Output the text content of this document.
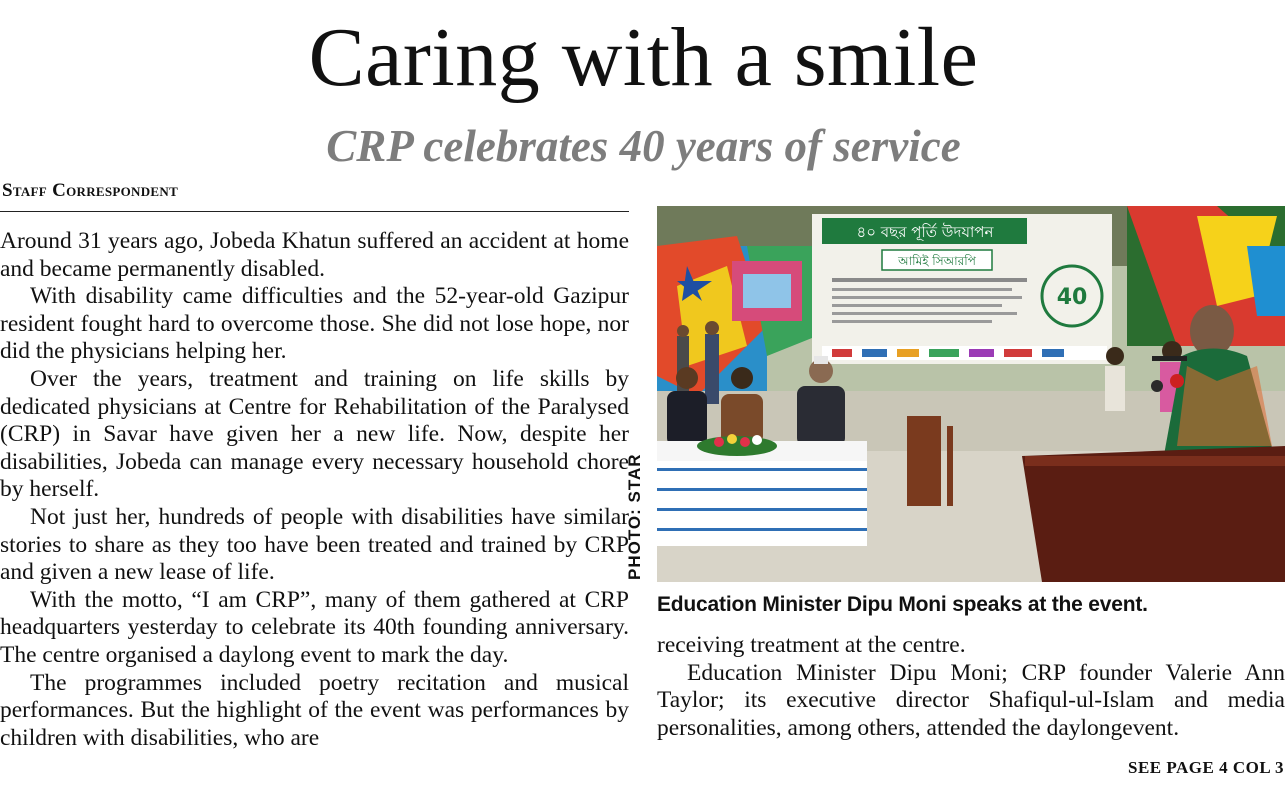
Caring with a smile
CRP celebrates 40 years of service
Staff Correspondent

Around 31 years ago, Jobeda Khatun suffered an accident at home and became permanently disabled.

With disability came difficulties and the 52-year-old Gazipur resident fought hard to overcome those. She did not lose hope, nor did the physicians helping her.

Over the years, treatment and training on life skills by dedicated physicians at Centre for Rehabilitation of the Paralysed (CRP) in Savar have given her a new life. Now, despite her disabilities, Jobeda can manage every necessary household chore by herself.

Not just her, hundreds of people with disabilities have similar stories to share as they too have been treated and trained by CRP and given a new lease of life.

With the motto, “I am CRP”, many of them gathered at CRP headquarters yesterday to celebrate its 40th founding anniversary. The centre organised a daylong event to mark the day.

The programmes included poetry recitation and musical performances. But the highlight of the event was performances by children with disabilities, who are

PHOTO: STAR
৪০ বছর পূর্তি উদযাপন
আমিই সিআরপি
40
Education Minister Dipu Moni speaks at the event.

receiving treatment at the centre.

Education Minister Dipu Moni; CRP founder Valerie Ann Taylor; its executive director Shafiqul-ul-Islam and media personalities, among others, attended the daylongevent.

SEE PAGE 4 COL 3
